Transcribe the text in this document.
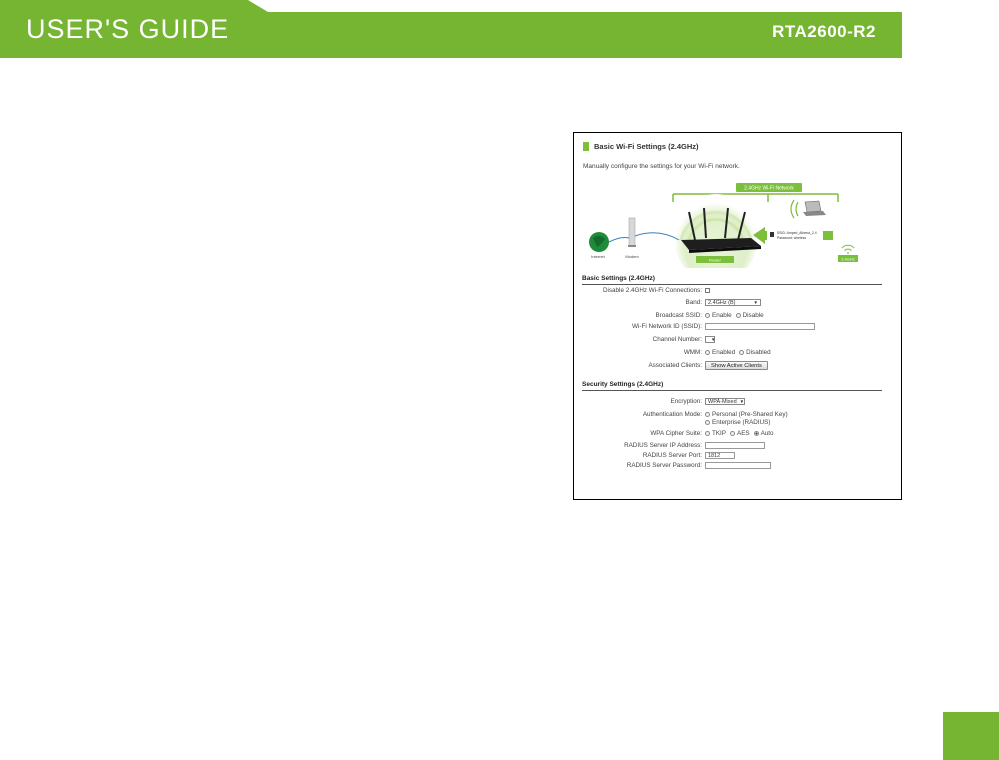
USER'S GUIDE	RTA2600-R2
Basic Wi-Fi Settings (2.4GHz)
Manually configure the settings for your Wi-Fi network.
2.4GHz Wi-Fi Network
Internet	Modem
Router
SSID: Amped_Athena_2.4
Password: wireless
2.4GHz
Basic Settings (2.4GHz)
Disable 2.4GHz Wi-Fi Connections:
Band:	2.4GHz (B)	▼
Broadcast SSID:	Enable Disable
Wi-Fi Network ID (SSID):
Channel Number:	▼
WMM:	Enabled Disabled
Associated Clients:	Show Active Clients
Security Settings (2.4GHz)
Encryption:	WPA-Mixed ▼
Authentication Mode:	Personal (Pre-Shared Key)
Enterprise (RADIUS)
WPA Cipher Suite:	TKIP AES Auto
RADIUS Server IP Address:
RADIUS Server Port:	1812
RADIUS Server Password:
